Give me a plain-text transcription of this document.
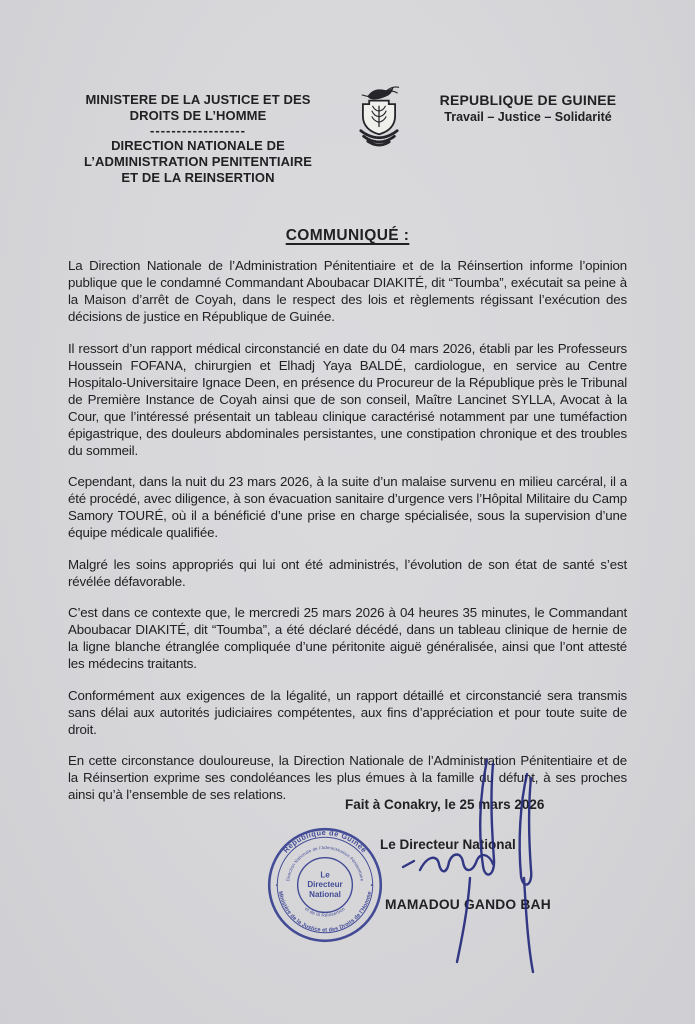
MINISTERE DE LA JUSTICE ET DES
DROITS DE L’HOMME
------------------
DIRECTION NATIONALE DE
L’ADMINISTRATION PENITENTIAIRE
ET DE LA REINSERTION
REPUBLIQUE DE GUINEE
Travail – Justice – Solidarité
COMMUNIQUÉ :

La Direction Nationale de l’Administration Pénitentiaire et de la Réinsertion informe l’opinion publique que le condamné Commandant Aboubacar DIAKITÉ, dit “Toumba”, exécutait sa peine à la Maison d’arrêt de Coyah, dans le respect des lois et règlements régissant l’exécution des décisions de justice en République de Guinée.

Il ressort d’un rapport médical circonstancié en date du 04 mars 2026, établi par les Professeurs Houssein FOFANA, chirurgien et Elhadj Yaya BALDÉ, cardiologue, en service au Centre Hospitalo-Universitaire Ignace Deen, en présence du Procureur de la République près le Tribunal de Première Instance de Coyah ainsi que de son conseil, Maître Lancinet SYLLA, Avocat à la Cour, que l’intéressé présentait un tableau clinique caractérisé notamment par une tuméfaction épigastrique, des douleurs abdominales persistantes, une constipation chronique et des troubles du sommeil.

Cependant, dans la nuit du 23 mars 2026, à la suite d’un malaise survenu en milieu carcéral, il a été procédé, avec diligence, à son évacuation sanitaire d’urgence vers l’Hôpital Militaire du Camp Samory TOURÉ, où il a bénéficié d’une prise en charge spécialisée, sous la supervision d’une équipe médicale qualifiée.

Malgré les soins appropriés qui lui ont été administrés, l’évolution de son état de santé s’est révélée défavorable.

C’est dans ce contexte que, le mercredi 25 mars 2026 à 04 heures 35 minutes, le Commandant Aboubacar DIAKITÉ, dit “Toumba”, a été déclaré décédé, dans un tableau clinique de hernie de la ligne blanche étranglée compliquée d’une péritonite aiguë généralisée, ainsi que l’ont attesté les médecins traitants.

Conformément aux exigences de la légalité, un rapport détaillé et circonstancié sera transmis sans délai aux autorités judiciaires compétentes, aux fins d’appréciation et pour toute suite de droit.

En cette circonstance douloureuse, la Direction Nationale de l’Administration Pénitentiaire et de la Réinsertion exprime ses condoléances les plus émues à la famille du défunt, à ses proches ainsi qu’à l’ensemble de ses relations.

Fait à Conakry, le 25 mars 2026
Le Directeur National
MAMADOU GANDO BAH
République de Guinée
Ministère de la Justice et des Droits de l’Homme
Direction Nationale de l’Administration Pénitentiaire
et de la Réinsertion
•	•
Le
Directeur
National
